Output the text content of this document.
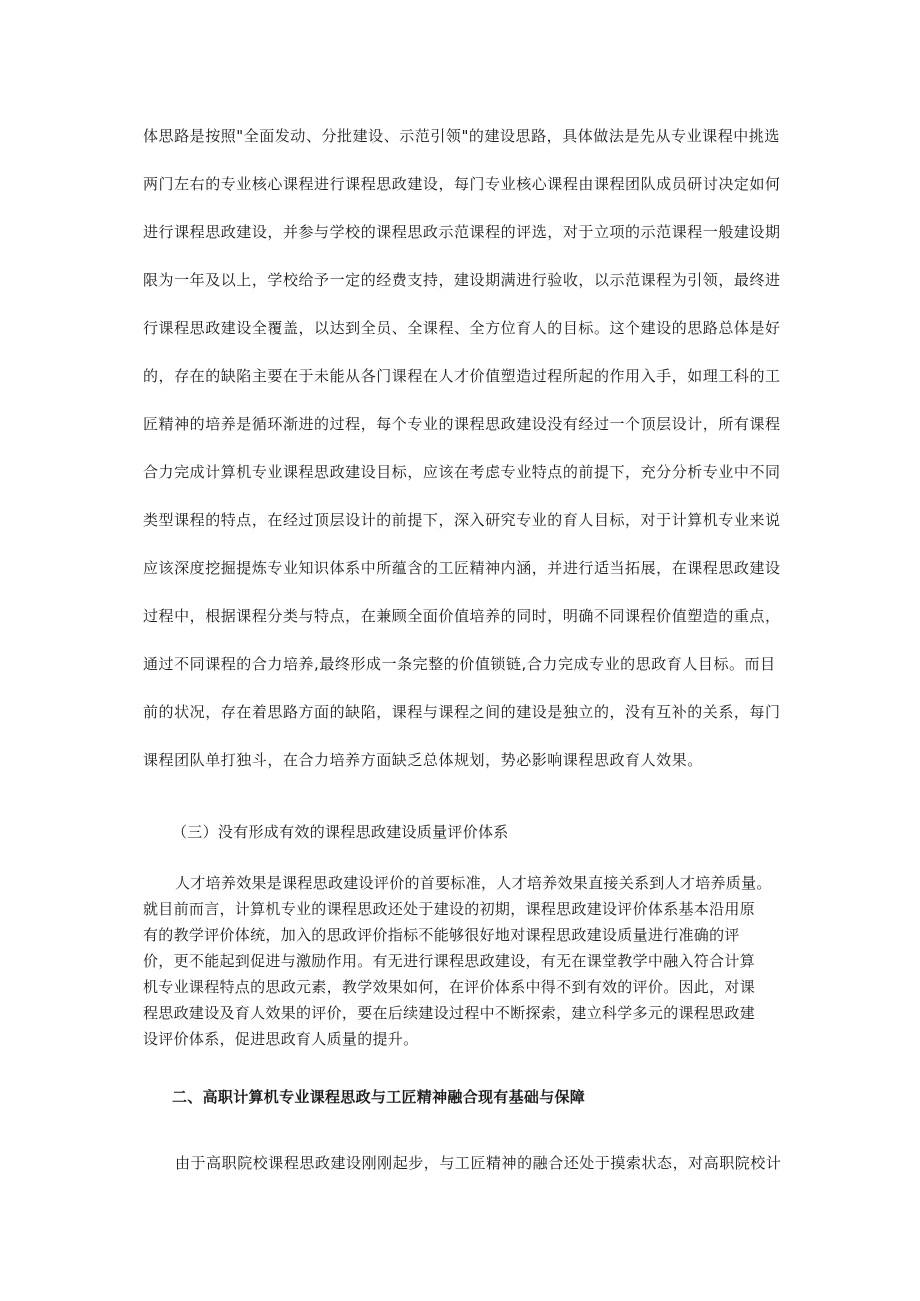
体思路是按照"全面发动、分批建设、示范引领"的建设思路，具体做法是先从专业课程中挑选
两门左右的专业核心课程进行课程思政建设，每门专业核心课程由课程团队成员研讨决定如何
进行课程思政建设，并参与学校的课程思政示范课程的评选，对于立项的示范课程一般建设期
限为一年及以上，学校给予一定的经费支持，建设期满进行验收，以示范课程为引领，最终进
行课程思政建设全覆盖，以达到全员、全课程、全方位育人的目标。这个建设的思路总体是好
的，存在的缺陷主要在于未能从各门课程在人才价值塑造过程所起的作用入手，如理工科的工
匠精神的培养是循环渐进的过程，每个专业的课程思政建设没有经过一个顶层设计，所有课程
合力完成计算机专业课程思政建设目标，应该在考虑专业特点的前提下，充分分析专业中不同
类型课程的特点，在经过顶层设计的前提下，深入研究专业的育人目标，对于计算机专业来说
应该深度挖掘提炼专业知识体系中所蕴含的工匠精神内涵，并进行适当拓展，在课程思政建设
过程中，根据课程分类与特点，在兼顾全面价值培养的同时，明确不同课程价值塑造的重点，
通过不同课程的合力培养,最终形成一条完整的价值锁链,合力完成专业的思政育人目标。而目
前的状况，存在着思路方面的缺陷，课程与课程之间的建设是独立的，没有互补的关系，每门
课程团队单打独斗，在合力培养方面缺乏总体规划，势必影响课程思政育人效果。
（三）没有形成有效的课程思政建设质量评价体系
人才培养效果是课程思政建设评价的首要标准，人才培养效果直接关系到人才培养质量。
就目前而言，计算机专业的课程思政还处于建设的初期，课程思政建设评价体系基本沿用原
有的教学评价体统，加入的思政评价指标不能够很好地对课程思政建设质量进行准确的评
价，更不能起到促进与激励作用。有无进行课程思政建设，有无在课堂教学中融入符合计算
机专业课程特点的思政元素，教学效果如何，在评价体系中得不到有效的评价。因此，对课
程思政建设及育人效果的评价，要在后续建设过程中不断探索，建立科学多元的课程思政建
设评价体系，促进思政育人质量的提升。
二、高职计算机专业课程思政与工匠精神融合现有基础与保障
由于高职院校课程思政建设刚刚起步，与工匠精神的融合还处于摸索状态，对高职院校计
